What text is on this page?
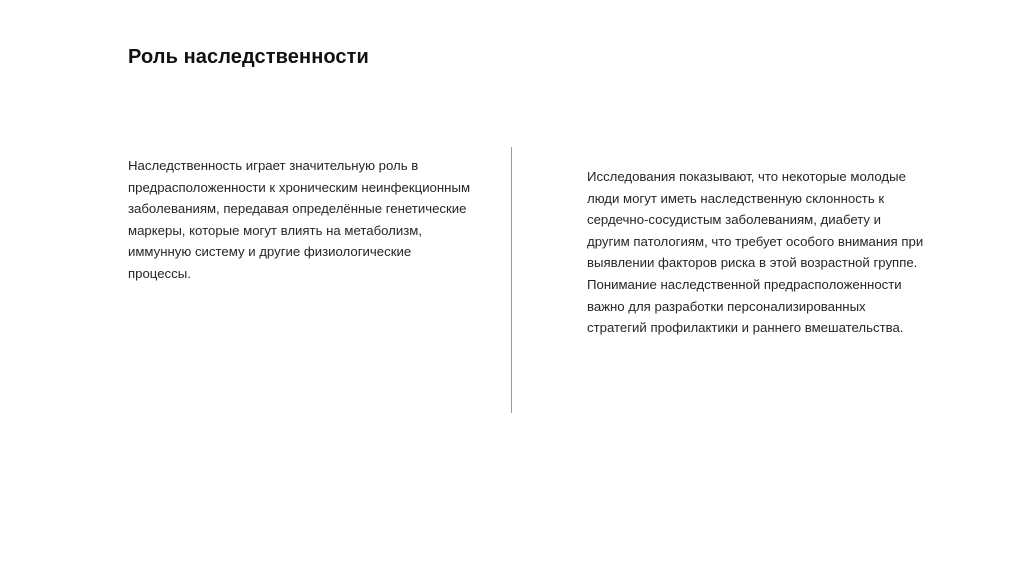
Роль наследственности

Наследственность играет значительную роль в предрасположенности к хроническим неинфекционным заболеваниям, передавая определённые генетические маркеры, которые могут влиять на метаболизм, иммунную систему и другие физиологические процессы.

Исследования показывают, что некоторые молодые люди могут иметь наследственную склонность к сердечно-сосудистым заболеваниям, диабету и другим патологиям, что требует особого внимания при выявлении факторов риска в этой возрастной группе. Понимание наследственной предрасположенности важно для разработки персонализированных стратегий профилактики и раннего вмешательства.
